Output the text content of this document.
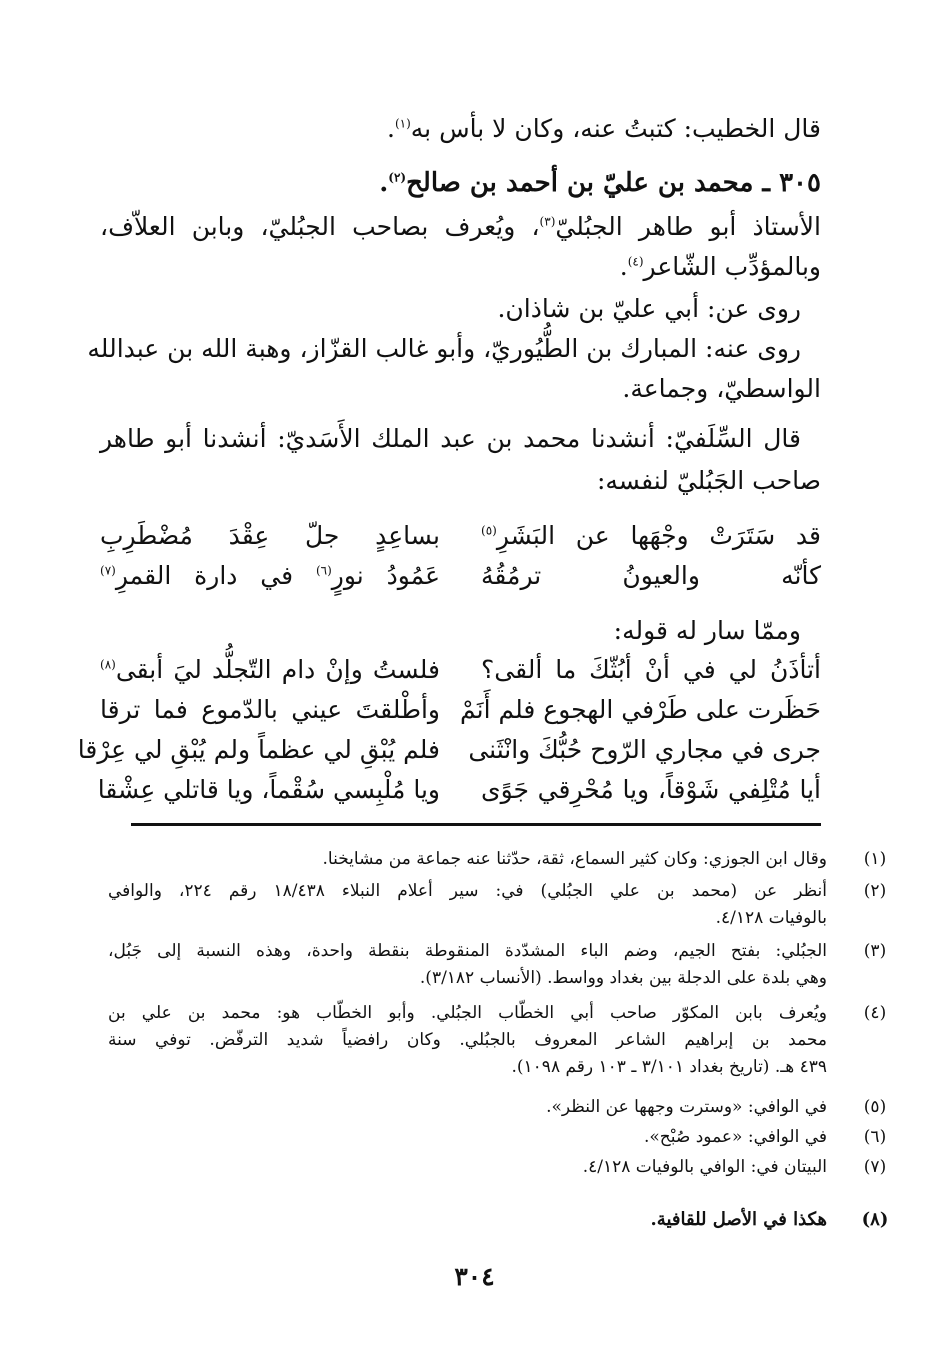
قال الخطيب: كتبتُ عنه، وكان لا بأس به$^{(١)}$.
٣٠٥ ـ محمد بن عليّ بن أحمد بن صالح$^{(٢)}$.
الأستاذ أبو طاهر الجبُليّ$^{(٣)}$، ويُعرف بصاحب الجبُليّ، وبابن العلاّف،
وبالمؤدِّب الشّاعر$^{(٤)}$.
روى عن: أبي عليّ بن شاذان.
روى عنه: المبارك بن الطُّيُوريّ، وأبو غالب القزّاز، وهبة الله بن عبدالله
الواسطيّ، وجماعة.
قال السِّلَفيّ: أنشدنا محمد بن عبد الملك الأَسَديّ: أنشدنا أبو طاهر
صاحب الجَبُليّ لنفسه:
قد سَتَرَتْ وجْهَها عن البَشَرِ$^{(٥)}$
بساعِدٍ جلّ عِقْدَ مُضْطَرِبِ
كأنّه والعيونُ ترمُقُهُ
عَمُودُ نورٍ$^{(٦)}$ في دارة القمرِ$^{(٧)}$
وممّا سار له قوله:
أتأذَنُ لي في أنْ أبُثّكَ ما ألقى؟
فلستُ وإنْ دام التّجلُّد ليَ أبقى$^{(٨)}$
حَظَرت على طَرْفي الهجوع فلم أَنَمْ
وأطْلقتَ عيني بالدّموع فما ترقا
جرى في مجاري الرّوح حُبُّكَ وانْثَنى
فلم يُبْقِ لي عظماً ولم يُبْقِ لي عِرْقا
أيا مُتْلِفي شَوْقاً، ويا مُحْرِقي جَوًى
ويا مُلْبِسي سُقْماً، ويا قاتلي عِشْقا
(١)
وقال ابن الجوزي: وكان كثير السماع، ثقة، حدّثنا عنه جماعة من مشايخنا.
(٢)
أنظر عن (محمد بن علي الجبُلي) في: سير أعلام النبلاء ١٨/٤٣٨ رقم ٢٢٤، والوافي
بالوفيات ٤/١٢٨.
(٣)
الجبُلي: بفتح الجيم، وضم الباء المشدّدة المنقوطة بنقطة واحدة، وهذه النسبة إلى جَبُل،
وهي بلدة على الدجلة بين بغداد وواسط. (الأنساب ٣/١٨٢).
(٤)
ويُعرف بابن المكوّر صاحب أبي الخطّاب الجبُلي. وأبو الخطّاب هو: محمد بن علي بن
محمد بن إبراهيم الشاعر المعروف بالجبُلي. وكان رافضياً شديد الترفّض. توفي سنة
٤٣٩ هـ. (تاريخ بغداد ٣/١٠١ ـ ١٠٣ رقم ١٠٩٨).
(٥)
في الوافي: «وسترت وجهها عن النظر».
(٦)
في الوافي: «عمود صُبْح».
(٧)
البيتان في: الوافي بالوفيات ٤/١٢٨.
(٨)
هكذا في الأصل للقافية.
٣٠٤
